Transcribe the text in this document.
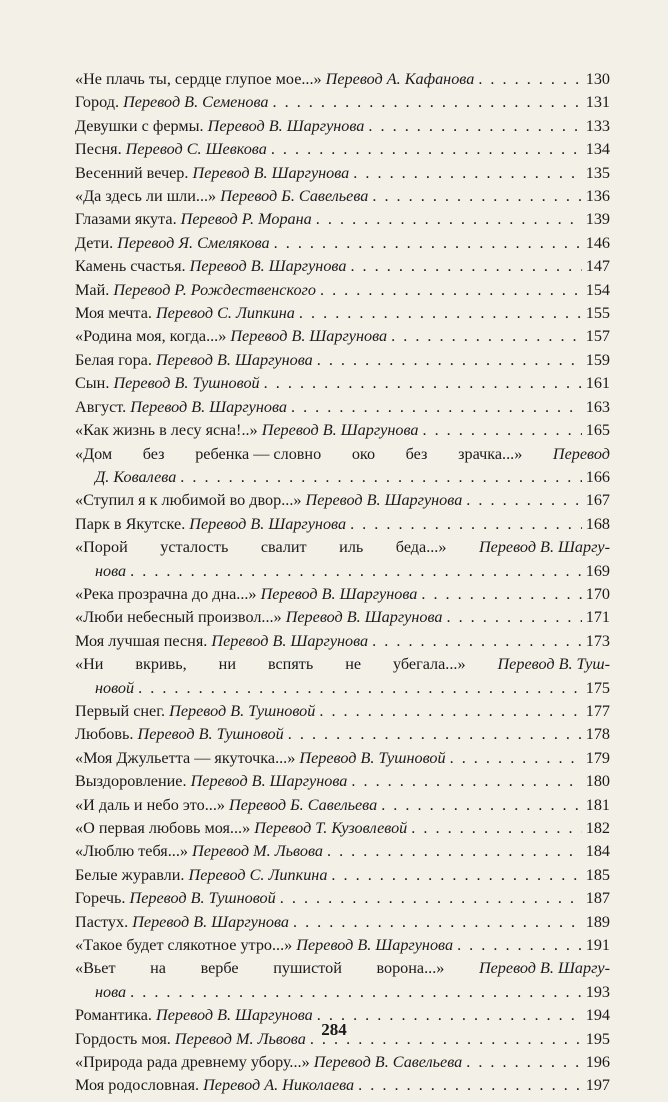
«Не плачь ты, сердце глупое мое...» Перевод А. Кафанова . . .	130
Город. Перевод В. Семенова . . .	131
Девушки с фермы. Перевод В. Шаргунова . . .	133
Песня. Перевод С. Шевкова . . .	134
Весенний вечер. Перевод В. Шаргунова . . .	135
«Да здесь ли шли...» Перевод Б. Савельева . . .	136
Глазами якута. Перевод Р. Морана . . .	139
Дети. Перевод Я. Смелякова . . .	146
Камень счастья. Перевод В. Шаргунова . . .	147
Май. Перевод Р. Рождественского . . .	154
Моя мечта. Перевод С. Липкина . . .	155
«Родина моя, когда...» Перевод В. Шаргунова . . .	157
Белая гора. Перевод В. Шаргунова . . .	159
Сын. Перевод В. Тушновой . . .	161
Август. Перевод В. Шаргунова . . .	163
«Как жизнь в лесу ясна!..» Перевод В. Шаргунова . . .	165
«Дом без ребенка — словно око без зрачка...» Перевод
Д. Ковалева . . .	166
«Ступил я к любимой во двор...» Перевод В. Шаргунова . . .	167
Парк в Якутске. Перевод В. Шаргунова . . .	168
«Порой усталость свалит иль беда...» Перевод В. Шаргу-
нова . . .	169
«Река прозрачна до дна...» Перевод В. Шаргунова . . .	170
«Люби небесный произвол...» Перевод В. Шаргунова . . .	171
Моя лучшая песня. Перевод В. Шаргунова . . .	173
«Ни вкривь, ни вспять не убегала...» Перевод В. Туш-
новой . . .	175
Первый снег. Перевод В. Тушновой . . .	177
Любовь. Перевод В. Тушновой . . .	178
«Моя Джульетта — якуточка...» Перевод В. Тушновой . . .	179
Выздоровление. Перевод В. Шаргунова . . .	180
«И даль и небо это...» Перевод Б. Савельева . . .	181
«О первая любовь моя...» Перевод Т. Кузовлевой . . .	182
«Люблю тебя...» Перевод М. Львова . . .	184
Белые журавли. Перевод С. Липкина . . .	185
Горечь. Перевод В. Тушновой . . .	187
Пастух. Перевод В. Шаргунова . . .	189
«Такое будет слякотное утро...» Перевод В. Шаргунова . . .	191
«Вьет на вербе пушистой ворона...» Перевод В. Шаргу-
нова . . .	193
Романтика. Перевод В. Шаргунова . . .	194
Гордость моя. Перевод М. Львова . . .	195
«Природа рада древнему убору...» Перевод В. Савельева . . .	196
Моя родословная. Перевод А. Николаева . . .	197
284
